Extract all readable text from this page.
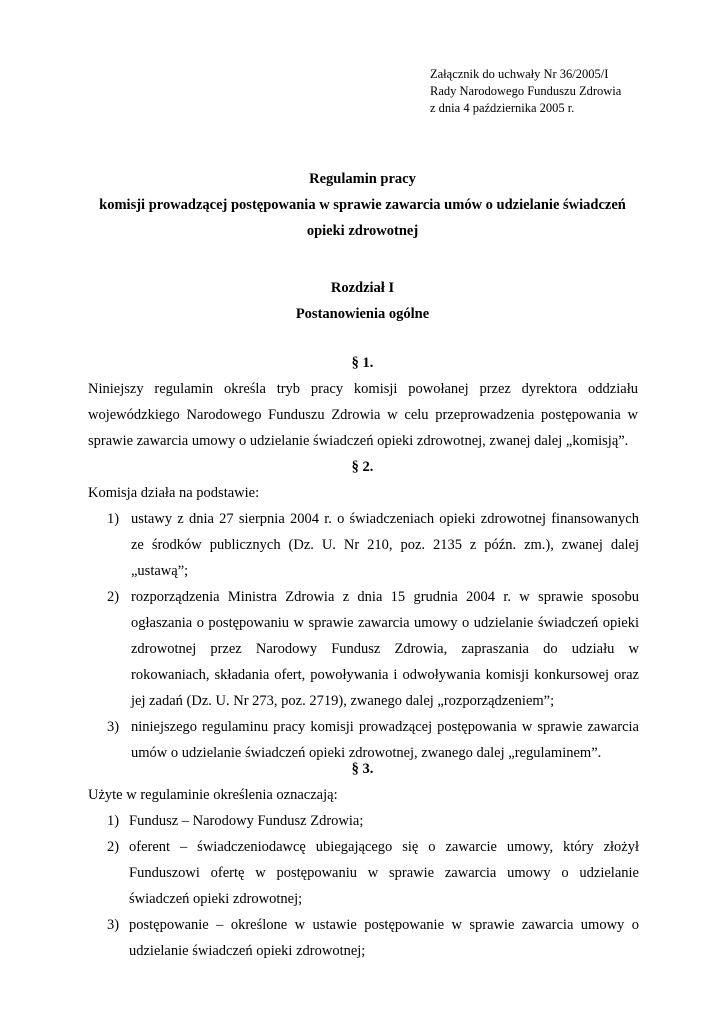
Załącznik do uchwały Nr 36/2005/I
Rady Narodowego Funduszu Zdrowia
z dnia 4 października 2005 r.
Regulamin pracy
komisji prowadzącej postępowania w sprawie zawarcia umów o udzielanie świadczeń
opieki zdrowotnej
Rozdział I
Postanowienia ogólne
§ 1.
Niniejszy regulamin określa tryb pracy komisji powołanej przez dyrektora oddziału
wojewódzkiego Narodowego Funduszu Zdrowia w celu przeprowadzenia postępowania w
sprawie zawarcia umowy o udzielanie świadczeń opieki zdrowotnej, zwanej dalej „komisją”.
§ 2.
Komisja działa na podstawie:
1) ustawy z dnia 27 sierpnia 2004 r. o świadczeniach opieki zdrowotnej finansowanych
ze środków publicznych (Dz. U. Nr 210, poz. 2135 z późn. zm.), zwanej dalej
„ustawą”;
2) rozporządzenia Ministra Zdrowia z dnia 15 grudnia 2004 r. w sprawie sposobu
ogłaszania o postępowaniu w sprawie zawarcia umowy o udzielanie świadczeń opieki
zdrowotnej przez Narodowy Fundusz Zdrowia, zapraszania do udziału w
rokowaniach, składania ofert, powoływania i odwoływania komisji konkursowej oraz
jej zadań (Dz. U. Nr 273, poz. 2719), zwanego dalej „rozporządzeniem”;
3) niniejszego regulaminu pracy komisji prowadzącej postępowania w sprawie zawarcia
umów o udzielanie świadczeń opieki zdrowotnej, zwanego dalej „regulaminem”.
§ 3.
Użyte w regulaminie określenia oznaczają:
1) Fundusz – Narodowy Fundusz Zdrowia;
2) oferent – świadczeniodawcę ubiegającego się o zawarcie umowy, który złożył
Funduszowi ofertę w postępowaniu w sprawie zawarcia umowy o udzielanie
świadczeń opieki zdrowotnej;
3) postępowanie – określone w ustawie postępowanie w sprawie zawarcia umowy o
udzielanie świadczeń opieki zdrowotnej;
